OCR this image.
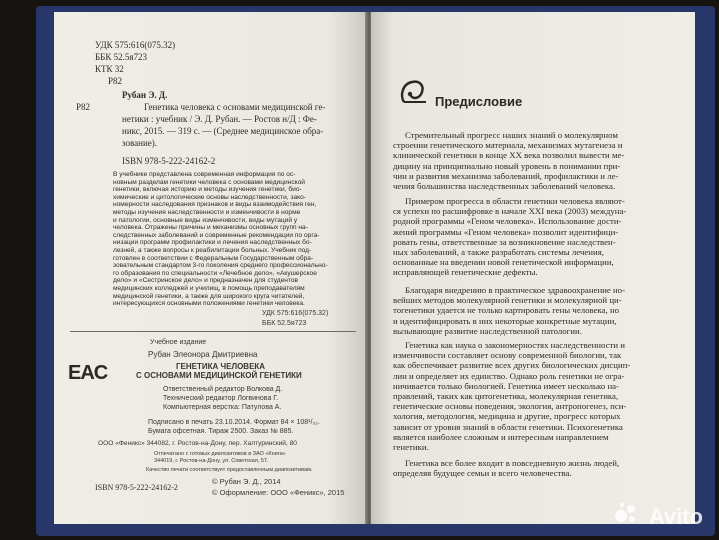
УДК 575:616(075.32)
ББК 52.5я723
КТК 32
Р82
Р82
Рубан Э. Д.
Генетика человека с основами медицинской ге-
нетики : учебник / Э. Д. Рубан. — Ростов н/Д : Фе-
никс, 2015. — 319 с. — (Среднее медицинское обра-
зование).
ISBN 978-5-222-24162-2
В учебнике представлена современная информация по ос-
новным разделам генетики человека с основами медицинской
генетики, включая историю и методы изучения генетики, био-
химические и цитологические основы наследственности, зако-
номерности наследования признаков и виды взаимодействия ген,
методы изучения наследственности и изменчивости в норме
и патологии, основные виды изменчивости, виды мутаций у
человека. Отражены причины и механизмы основных групп на-
следственных заболеваний и современные рекомендации по орга-
низации программ профилактики и лечения наследственных бо-
лезней, а также вопросы к реабилитации больных. Учебник под-
готовлен в соответствии с Федеральным Государственным обра-
зовательным стандартом 3-го поколения среднего профессионально-
го образования по специальности «Лечебное дело», «Акушерское
дело» и «Сестринское дело» и предназначен для студентов
медицинских колледжей и училищ, в помощь преподавателям
медицинской генетики, а также для широкого круга читателей,
интересующихся основными положениями генетики человека.
УДК 575:616(075.32)
ББК 52.5я723
Учебное издание
EAC
Рубан Элеонора Дмитриевна
ГЕНЕТИКА ЧЕЛОВЕКА
С ОСНОВАМИ МЕДИЦИНСКОЙ ГЕНЕТИКИ
Ответственный редактор Волкова Д.
Технический редактор Логвинова Г.
Компьютерная верстка: Патулова А.
Подписано в печать 23.10.2014. Формат 84 × 108¹/₃₂.
Бумага офсетная. Тираж 2500. Заказ № 885.
ООО «Феникс» 344082, г. Ростов-на-Дону, пер. Халтуринский, 80
Отпечатано с готовых диапозитивов в ЗАО «Книга»
344019, г. Ростов-на-Дону, ул. Советская, 57.
Качество печати соответствует предоставленным диапозитивам.
ISBN 978-5-222-24162-2
© Рубан Э. Д., 2014
© Оформление: ООО «Феникс», 2015
Предисловие
Стремительный прогресс наших знаний о молекулярном
строении генетического материала, механизмах мутагенеза и
клинической генетики в конце XX века позволил вывести ме-
дицину на принципиально новый уровень в понимании при-
чин и развития механизма заболеваний, профилактики и ле-
чения большинства наследственных заболеваний человека.
Примером прогресса в области генетики человека являют-
ся успехи по расшифровке в начале XXI века (2003) междуна-
родной программы «Геном человека». Использование дости-
жений программы «Геном человека» позволит идентифици-
ровать гены, ответственные за возникновение наследствен-
ных заболеваний, а также разработать системы лечения,
основанные на введении новой генетической информации,
исправляющей генетические дефекты.
Благодаря внедрению в практическое здравоохранение но-
вейших методов молекулярной генетики и молекулярной ци-
тогенетики удается не только картировать гены человека, но
и идентифицировать в них некоторые конкретные мутации,
вызывающие развитие наследственной патологии.
Генетика как наука о закономерностях наследственности и
изменчивости составляет основу современной биологии, так
как обеспечивает развитие всех других биологических дисцип-
лин и определяет их единство. Однако роль генетики не огра-
ничивается только биологией. Генетика имеет несколько на-
правлений, таких как цитогенетика, молекулярная генетика,
генетические основы поведения, экология, антропогенез, пси-
хология, методология, медицина и другие, прогресс которых
зависит от уровня знаний в области генетики. Психогенетика
является наиболее сложным и интересным направлением
генетики.
Генетика все более входит в повседневную жизнь людей,
определяя будущее семьи и всего человечества.
Avito
